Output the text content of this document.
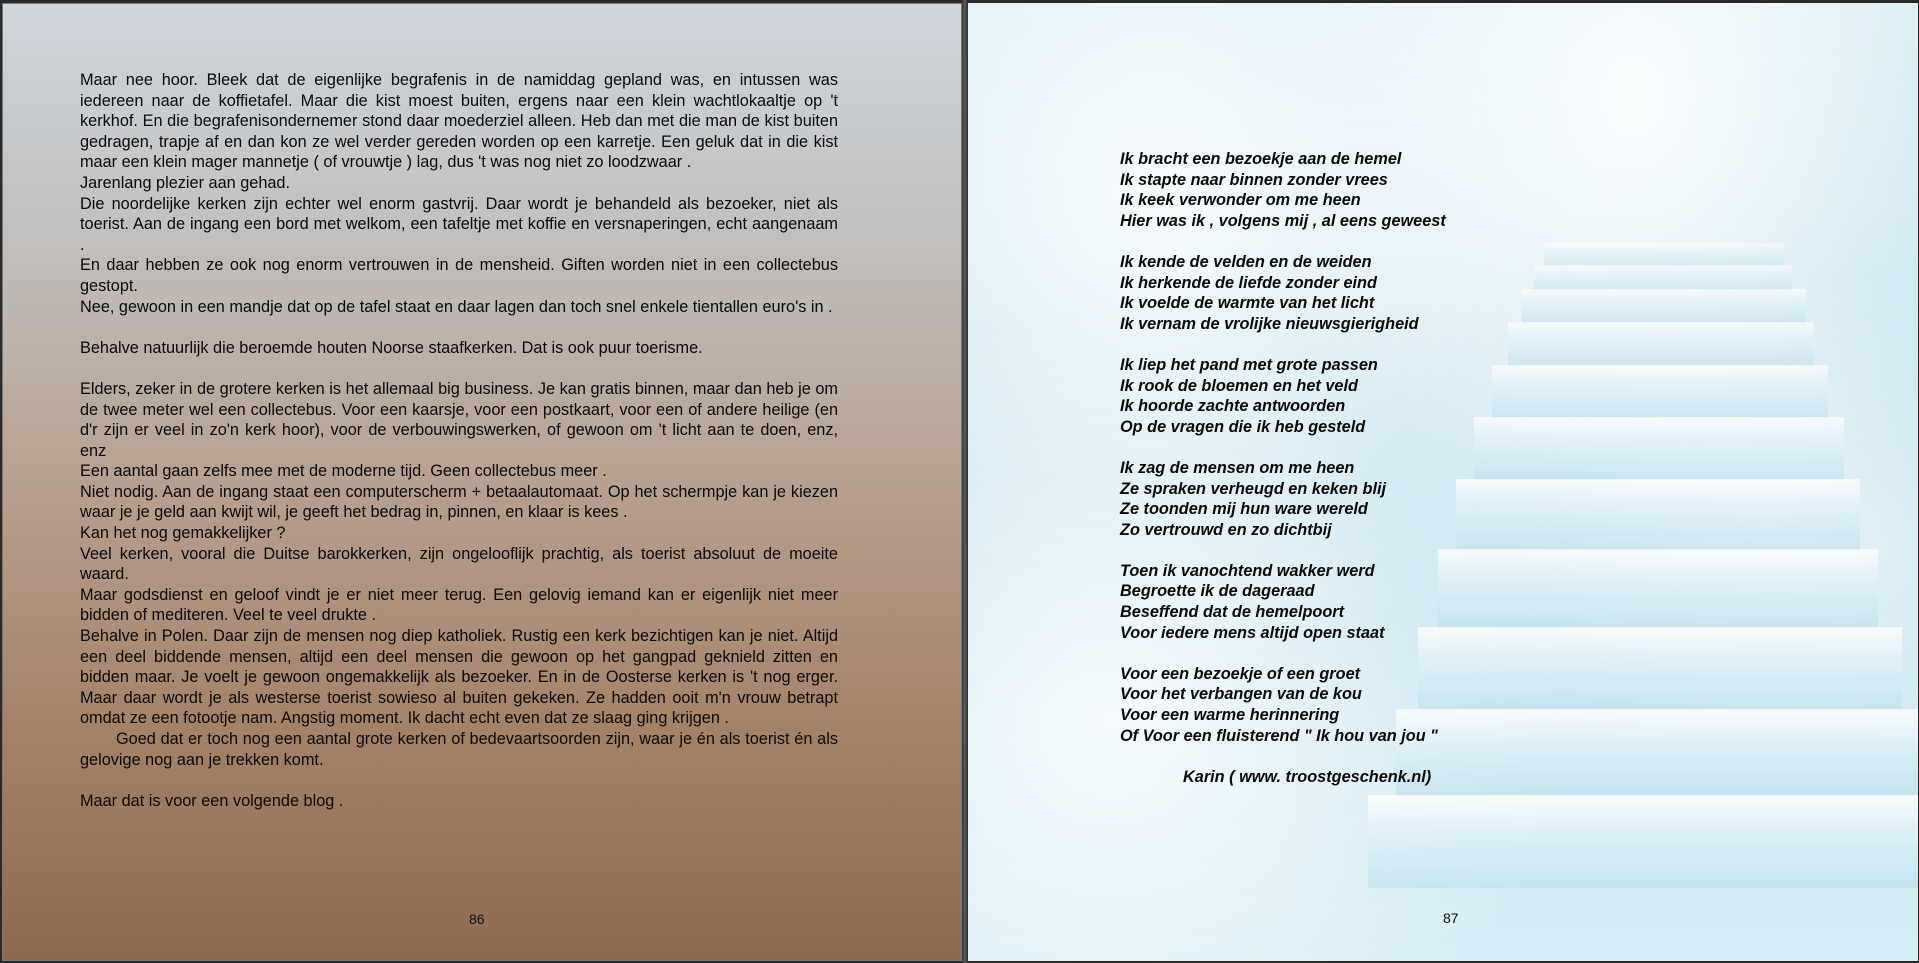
Maar nee hoor. Bleek dat de eigenlijke begrafenis in de namiddag gepland was, en intussen was iedereen naar de koffietafel. Maar die kist moest buiten, ergens naar een klein wachtlokaaltje op 't kerkhof. En die begrafenisondernemer stond daar moederziel alleen. Heb dan met die man de kist buiten gedragen, trapje af en dan kon ze wel verder gereden worden op een karretje. Een geluk dat in die kist maar een klein mager mannetje ( of vrouwtje ) lag, dus 't was nog niet zo loodzwaar .

Jarenlang plezier aan gehad.

Die noordelijke kerken zijn echter wel enorm gastvrij. Daar wordt je behandeld als bezoeker, niet als toerist. Aan de ingang een bord met welkom, een tafeltje met koffie en versnaperingen, echt aangenaam .

En daar hebben ze ook nog enorm vertrouwen in de mensheid. Giften worden niet in een collectebus gestopt.

Nee, gewoon in een mandje dat op de tafel staat en daar lagen dan toch snel enkele tientallen euro's in .

Behalve natuurlijk die beroemde houten Noorse staafkerken. Dat is ook puur toerisme.

Elders, zeker in de grotere kerken is het allemaal big business. Je kan gratis binnen, maar dan heb je om de twee meter wel een collectebus. Voor een kaarsje, voor een postkaart, voor een of andere heilige (en d'r zijn er veel in zo'n kerk hoor), voor de verbouwingswerken, of gewoon om 't licht aan te doen, enz, enz

Een aantal gaan zelfs mee met de moderne tijd. Geen collectebus meer .

Niet nodig. Aan de ingang staat een computerscherm + betaalautomaat. Op het schermpje kan je kiezen waar je je geld aan kwijt wil, je geeft het bedrag in, pinnen, en klaar is kees .

Kan het nog gemakkelijker ?

Veel kerken, vooral die Duitse barokkerken, zijn ongelooflijk prachtig, als toerist absoluut de moeite waard.

Maar godsdienst en geloof vindt je er niet meer terug. Een gelovig iemand kan er eigenlijk niet meer bidden of mediteren. Veel te veel drukte .

Behalve in Polen. Daar zijn de mensen nog diep katholiek. Rustig een kerk bezichtigen kan je niet. Altijd een deel biddende mensen, altijd een deel mensen die gewoon op het gangpad geknield zitten en bidden maar. Je voelt je gewoon ongemakkelijk als bezoeker. En in de Oosterse kerken is 't nog erger. Maar daar wordt je als westerse toerist sowieso al buiten gekeken. Ze hadden ooit m'n vrouw betrapt omdat ze een fotootje nam. Angstig moment. Ik dacht echt even dat ze slaag ging krijgen .

Goed dat er toch nog een aantal grote kerken of bedevaartsoorden zijn, waar je én als toerist én als gelovige nog aan je trekken komt.

Maar dat is voor een volgende blog .

86
Ik bracht een bezoekje aan de hemel
Ik stapte naar binnen zonder vrees
Ik keek verwonder om me heen
Hier was ik , volgens mij , al eens geweest
Ik kende de velden en de weiden
Ik herkende de liefde zonder eind
Ik voelde de warmte van het licht
Ik vernam de vrolijke nieuwsgierigheid
Ik liep het pand met grote passen
Ik rook de bloemen en het veld
Ik hoorde zachte antwoorden
Op de vragen die ik heb gesteld
Ik zag de mensen om me heen
Ze spraken verheugd en keken blij
Ze toonden mij hun ware wereld
Zo vertrouwd en zo dichtbij
Toen ik vanochtend wakker werd
Begroette ik de dageraad
Beseffend dat de hemelpoort
Voor iedere mens altijd open staat
Voor een bezoekje of een groet
Voor het verbangen van de kou
Voor een warme herinnering
Of Voor een fluisterend " Ik hou van jou "
Karin ( www. troostgeschenk.nl)
87
